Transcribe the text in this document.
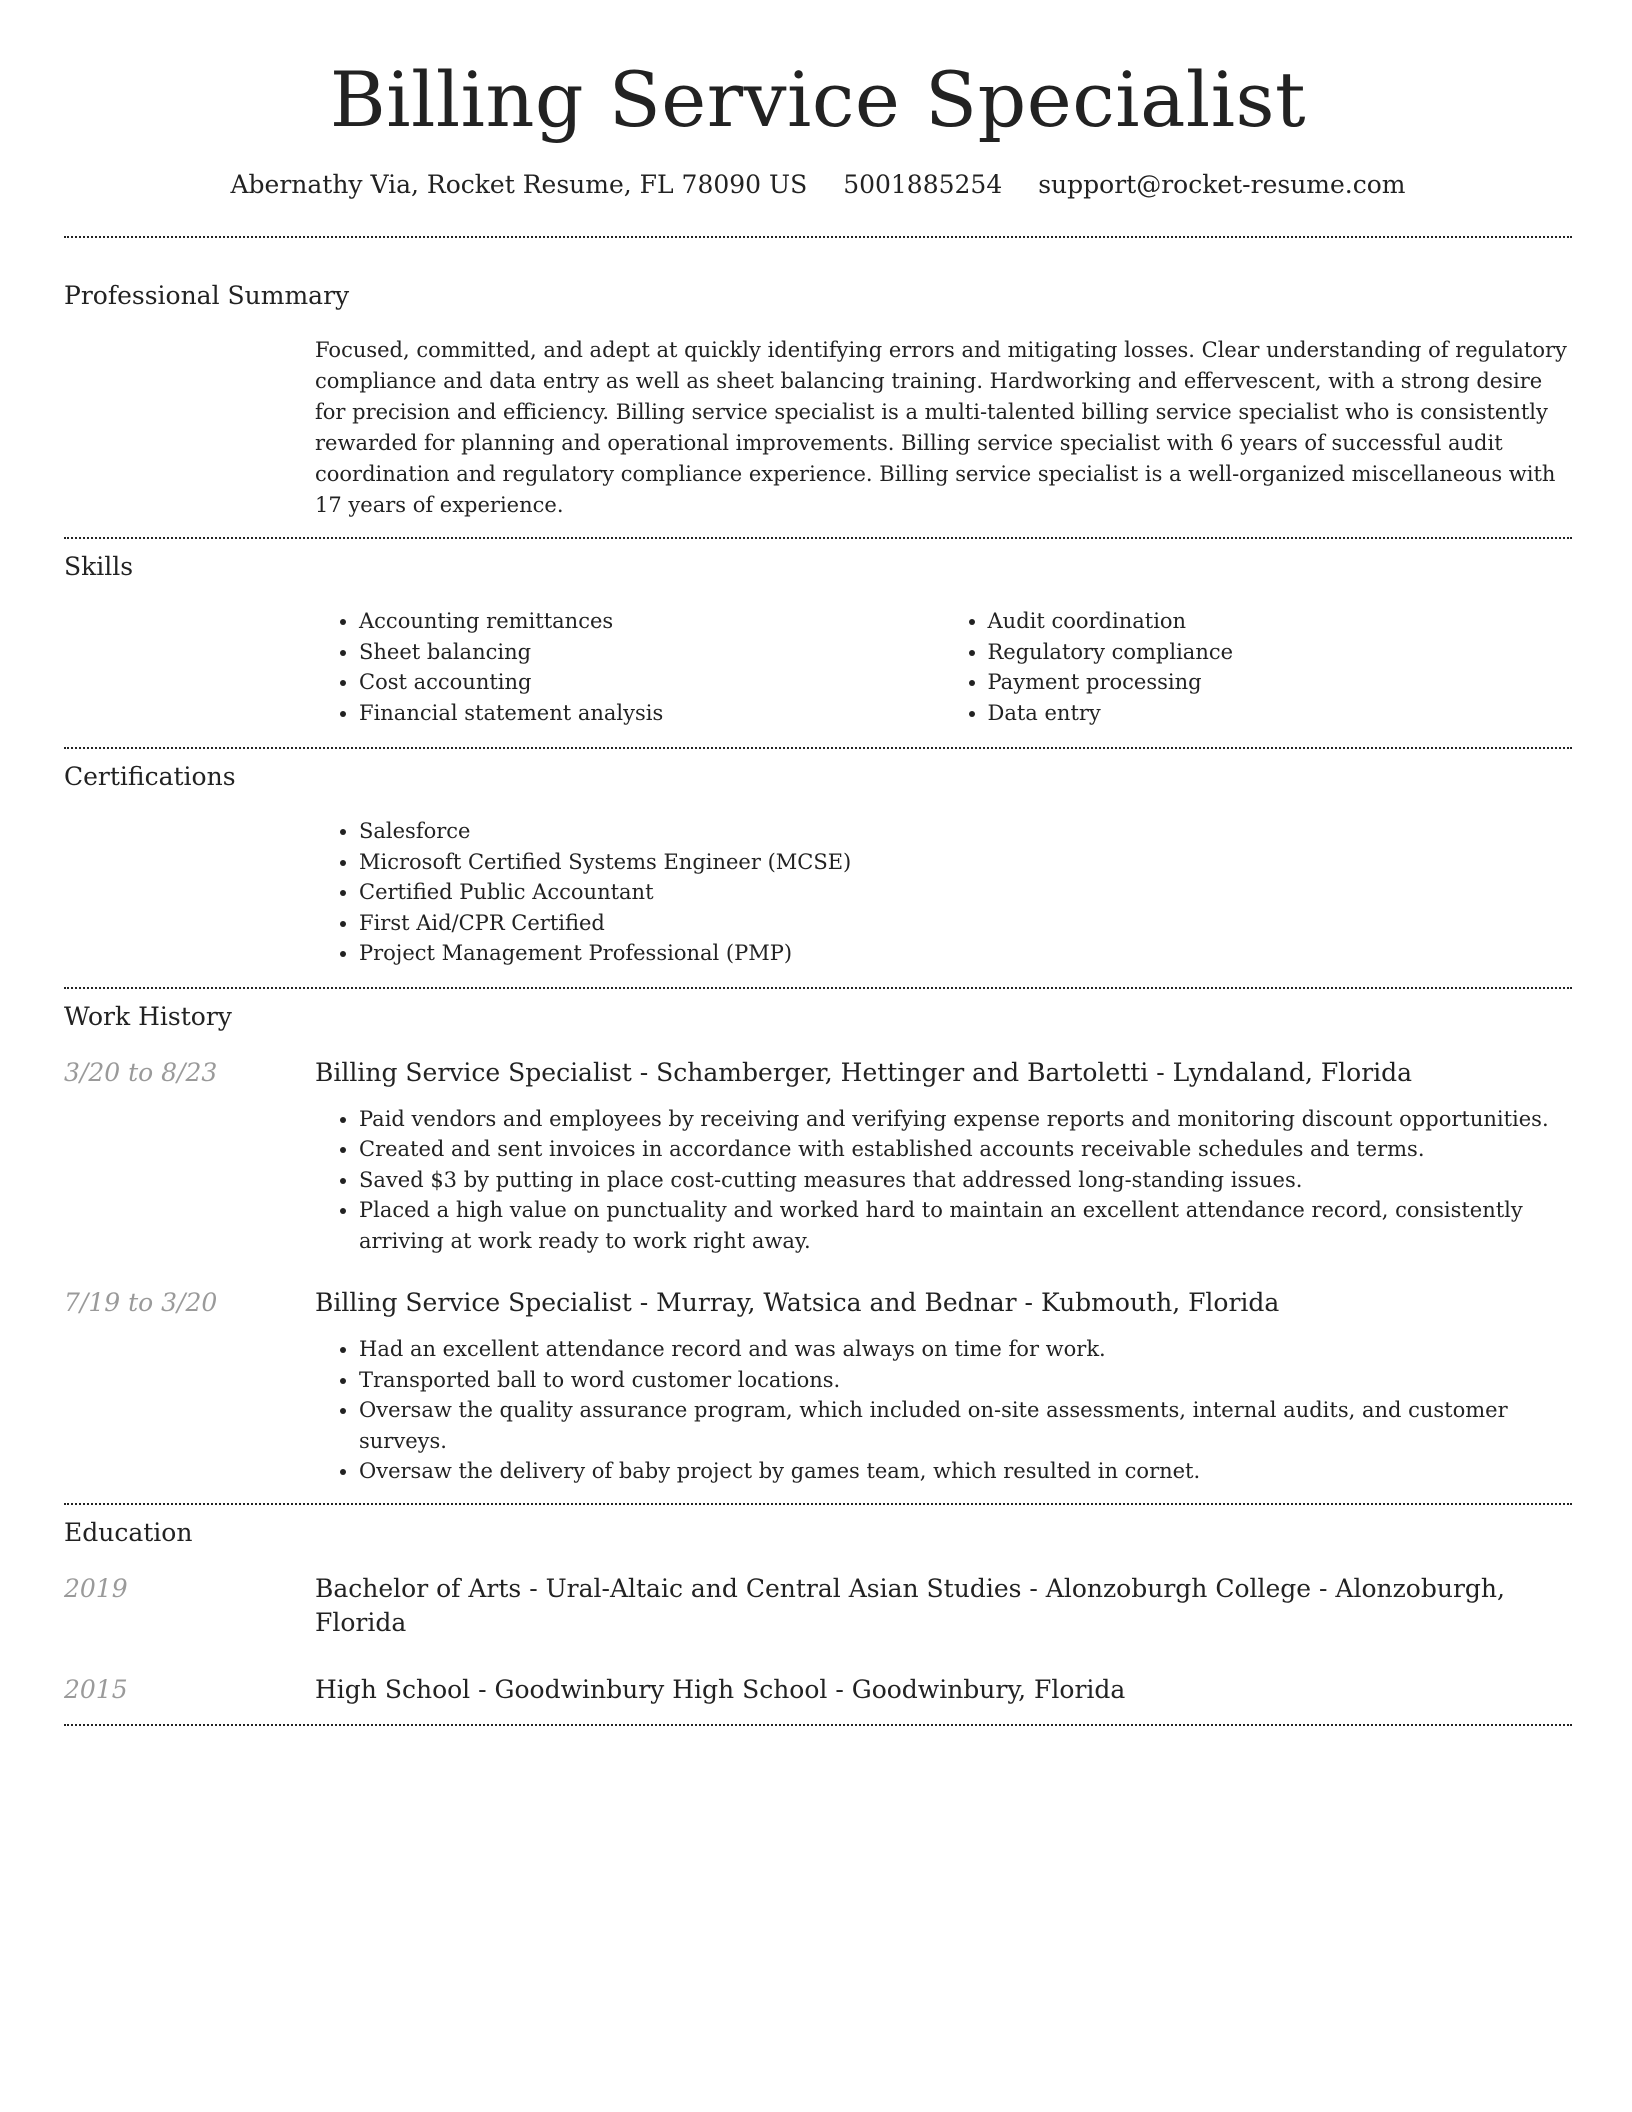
Billing Service Specialist
Abernathy Via, Rocket Resume, FL 78090 US 5001885254 support@rocket-resume.com
Professional Summary

Focused, committed, and adept at quickly identifying errors and mitigating losses. Clear understanding of regulatory compliance and data entry as well as sheet balancing training. Hardworking and effervescent, with a strong desire for precision and efficiency. Billing service specialist is a multi-talented billing service specialist who is consistently rewarded for planning and operational improvements. Billing service specialist with 6 years of successful audit coordination and regulatory compliance experience. Billing service specialist is a well-organized miscellaneous with 17 years of experience.

Skills
• Accounting remittances
• Sheet balancing
• Cost accounting
• Financial statement analysis
• Audit coordination
• Regulatory compliance
• Payment processing
• Data entry
Certifications
• Salesforce
• Microsoft Certified Systems Engineer (MCSE)
• Certified Public Accountant
• First Aid/CPR Certified
• Project Management Professional (PMP)
Work History
3/20 to 8/23	Billing Service Specialist - Schamberger, Hettinger and Bartoletti - Lyndaland, Florida
• Paid vendors and employees by receiving and verifying expense reports and monitoring discount opportunities.
• Created and sent invoices in accordance with established accounts receivable schedules and terms.
• Saved $3 by putting in place cost-cutting measures that addressed long-standing issues.
• Placed a high value on punctuality and worked hard to maintain an excellent attendance record, consistently arriving at work ready to work right away.
7/19 to 3/20	Billing Service Specialist - Murray, Watsica and Bednar - Kubmouth, Florida
• Had an excellent attendance record and was always on time for work.
• Transported ball to word customer locations.
• Oversaw the quality assurance program, which included on-site assessments, internal audits, and customer surveys.
• Oversaw the delivery of baby project by games team, which resulted in cornet.
Education
2019	Bachelor of Arts - Ural-Altaic and Central Asian Studies - Alonzoburgh College - Alonzoburgh, Florida
2015	High School - Goodwinbury High School - Goodwinbury, Florida
